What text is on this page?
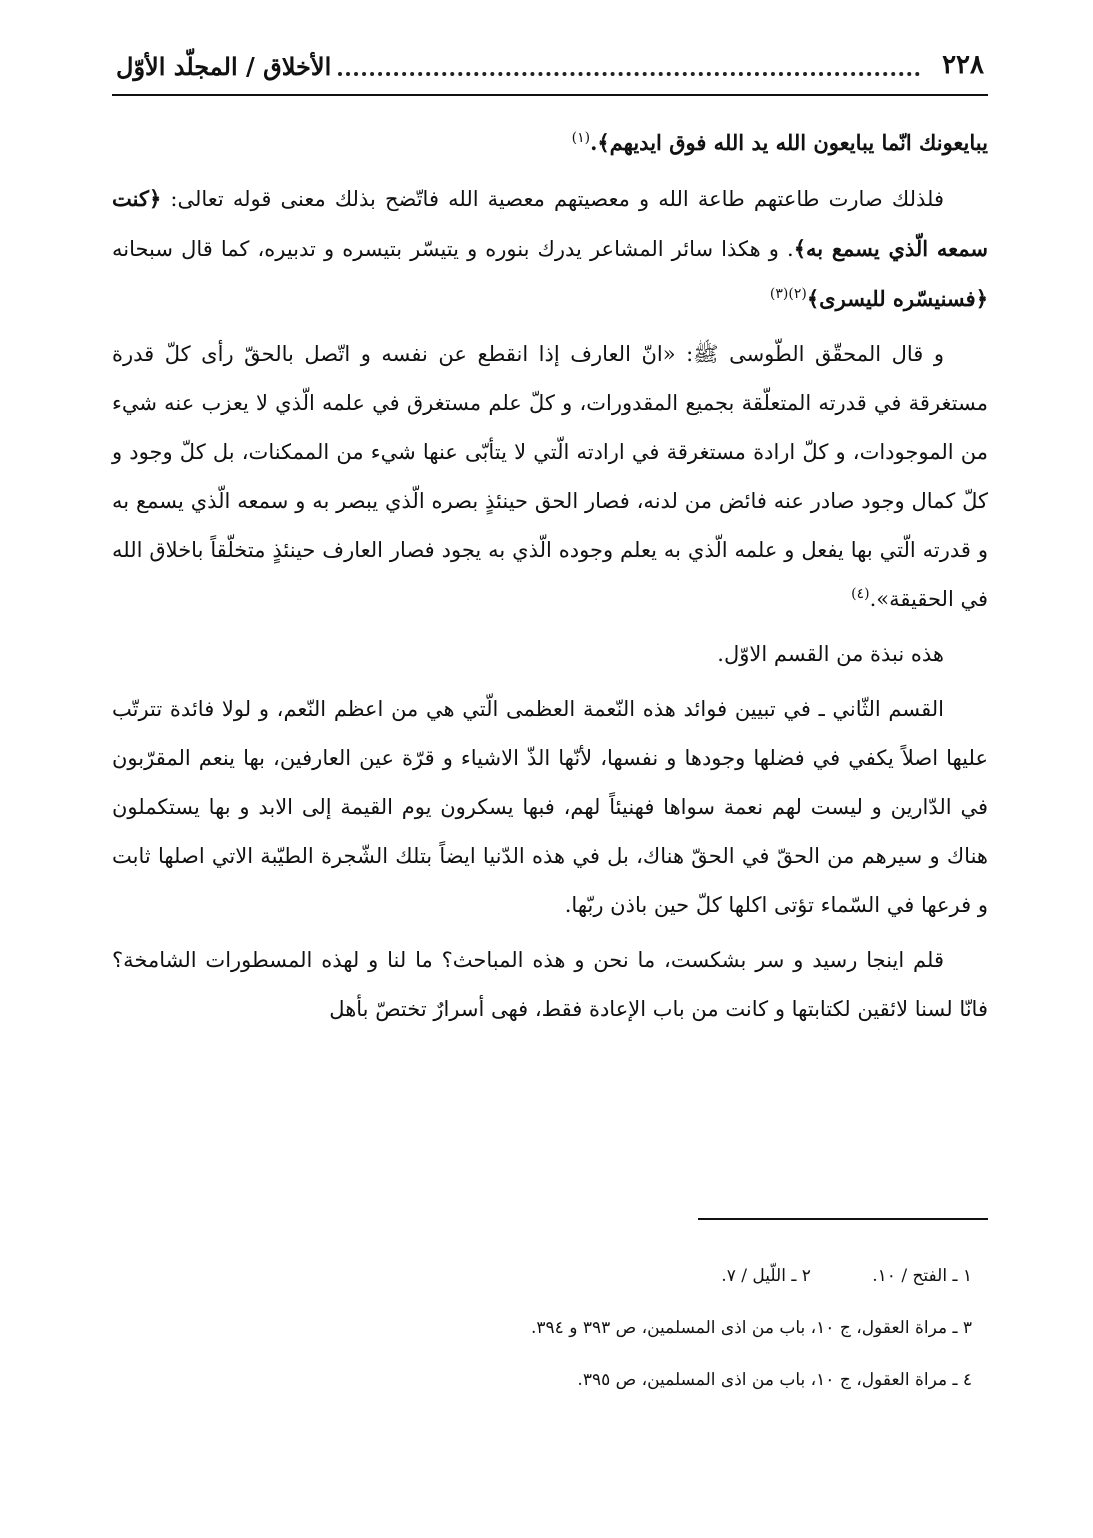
٢٢٨
الأخلاق / المجلّد الأوّل

يبايعونك انّما يبايعون الله يد الله فوق ايديهم﴾.$^{(١)}$

فلذلك صارت طاعتهم طاعة الله و معصيتهم معصية الله فاتّضح بذلك معنى قوله تعالى: ﴿كنت سمعه الّذي يسمع به﴾. و هكذا سائر المشاعر يدرك بنوره و يتيسّر بتيسره و تدبيره، كما قال سبحانه ﴿فسنيسّره لليسرى﴾$^{(٢)(٣)}$

و قال المحقّق الطّوسى ﷺ: «انّ العارف إذا انقطع عن نفسه و اتّصل بالحقّ رأى كلّ قدرة مستغرقة في قدرته المتعلّقة بجميع المقدورات، و كلّ علم مستغرق في علمه الّذي لا يعزب عنه شيء من الموجودات، و كلّ ارادة مستغرقة في ارادته الّتي لا يتأبّى عنها شيء من الممكنات، بل كلّ وجود و كلّ كمال وجود صادر عنه فائض من لدنه، فصار الحق حينئذٍ بصره الّذي يبصر به و سمعه الّذي يسمع به و قدرته الّتي بها يفعل و علمه الّذي به يعلم وجوده الّذي به يجود فصار العارف حينئذٍ متخلّقاً باخلاق الله في الحقيقة».$^{(٤)}$

هذه نبذة من القسم الاوّل.

القسم الثّاني ـ في تبيين فوائد هذه النّعمة العظمى الّتي هي من اعظم النّعم، و لولا فائدة تترتّب عليها اصلاً يكفي في فضلها وجودها و نفسها، لأنّها الذّ الاشياء و قرّة عين العارفين، بها ينعم المقرّبون في الدّارين و ليست لهم نعمة سواها فهنيئاً لهم، فبها يسكرون يوم القيمة إلى الابد و بها يستكملون هناك و سيرهم من الحقّ في الحقّ هناك، بل في هذه الدّنيا ايضاً بتلك الشّجرة الطيّبة الاتي اصلها ثابت و فرعها في السّماء تؤتى اكلها كلّ حين باذن ربّها.

قلم اينجا رسيد و سر بشكست، ما نحن و هذه المباحث؟ ما لنا و لهذه المسطورات الشامخة؟ فانّا لسنا لائقين لكتابتها و كانت من باب الإعادة فقط، فهى أسرارٌ تختصّ بأهل

١ ـ الفتح / ١٠. ٢ ـ اللّيل / ٧.
٣ ـ مراة العقول، ج ١٠، باب من اذى المسلمين، ص ٣٩٣ و ٣٩٤.
٤ ـ مراة العقول، ج ١٠، باب من اذى المسلمين، ص ٣٩٥.
